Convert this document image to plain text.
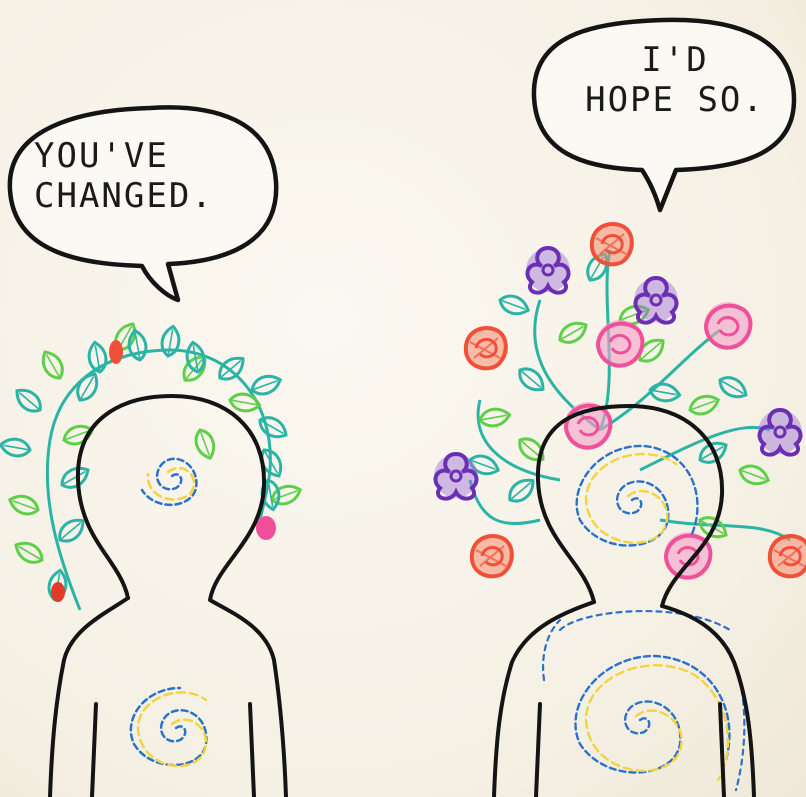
YOU'VE
CHANGED.
I'D
HOPE SO.
